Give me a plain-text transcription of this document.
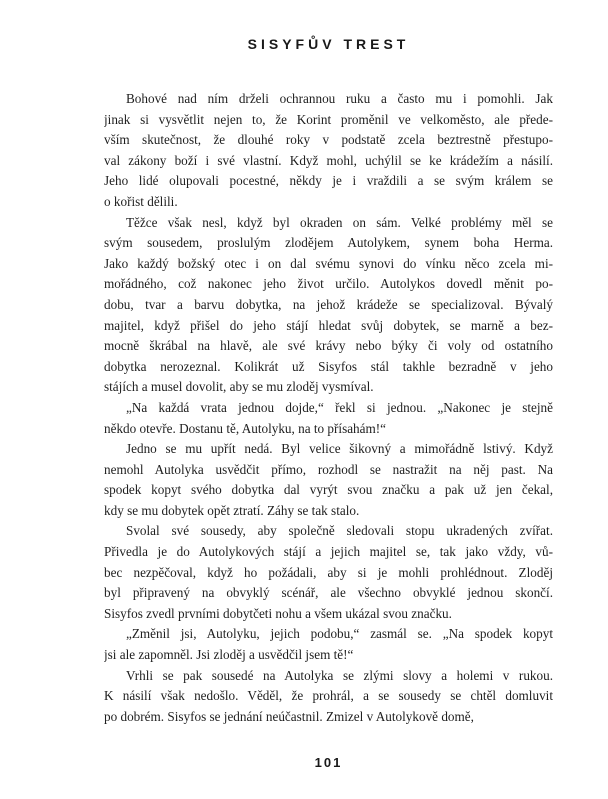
SISYFŮV TREST
Bohové nad ním drželi ochrannou ruku a často mu i pomohli. Jak
jinak si vysvětlit nejen to, že Korint proměnil ve velkoměsto, ale přede-
vším skutečnost, že dlouhé roky v podstatě zcela beztrestně přestupo-
val zákony boží i své vlastní. Když mohl, uchýlil se ke krádežím a násilí.
Jeho lidé olupovali pocestné, někdy je i vraždili a se svým králem se
o kořist dělili.
Těžce však nesl, když byl okraden on sám. Velké problémy měl se
svým sousedem, proslulým zlodějem Autolykem, synem boha Herma.
Jako každý božský otec i on dal svému synovi do vínku něco zcela mi-
mořádného, což nakonec jeho život určilo. Autolykos dovedl měnit po-
dobu, tvar a barvu dobytka, na jehož krádeže se specializoval. Bývalý
majitel, když přišel do jeho stájí hledat svůj dobytek, se marně a bez-
mocně škrábal na hlavě, ale své krávy nebo býky či voly od ostatního
dobytka nerozeznal. Kolikrát už Sisyfos stál takhle bezradně v jeho
stájích a musel dovolit, aby se mu zloděj vysmíval.
„Na každá vrata jednou dojde,“ řekl si jednou. „Nakonec je stejně
někdo otevře. Dostanu tě, Autolyku, na to přísahám!“
Jedno se mu upřít nedá. Byl velice šikovný a mimořádně lstivý. Když
nemohl Autolyka usvědčit přímo, rozhodl se nastražit na něj past. Na
spodek kopyt svého dobytka dal vyrýt svou značku a pak už jen čekal,
kdy se mu dobytek opět ztratí. Záhy se tak stalo.
Svolal své sousedy, aby společně sledovali stopu ukradených zvířat.
Přivedla je do Autolykových stájí a jejich majitel se, tak jako vždy, vů-
bec nezpěčoval, když ho požádali, aby si je mohli prohlédnout. Zloděj
byl připravený na obvyklý scénář, ale všechno obvyklé jednou skončí.
Sisyfos zvedl prvními dobytčeti nohu a všem ukázal svou značku.
„Změnil jsi, Autolyku, jejich podobu,“ zasmál se. „Na spodek kopyt
jsi ale zapomněl. Jsi zloděj a usvědčil jsem tě!“
Vrhli se pak sousedé na Autolyka se zlými slovy a holemi v rukou.
K násilí však nedošlo. Věděl, že prohrál, a se sousedy se chtěl domluvit
po dobrém. Sisyfos se jednání neúčastnil. Zmizel v Autolykově domě,
101
